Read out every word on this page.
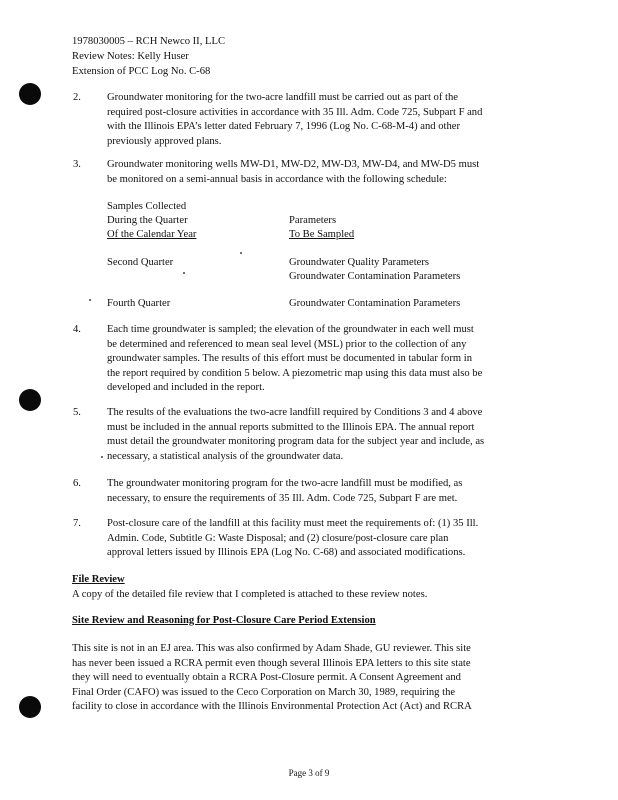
1978030005 – RCH Newco II, LLC
Review Notes: Kelly Huser
Extension of PCC Log No. C-68
2. Groundwater monitoring for the two-acre landfill must be carried out as part of the
required post-closure activities in accordance with 35 Ill. Adm. Code 725, Subpart F and
with the Illinois EPA’s letter dated February 7, 1996 (Log No. C-68-M-4) and other
previously approved plans.
3. Groundwater monitoring wells MW-D1, MW-D2, MW-D3, MW-D4, and MW-D5 must
be monitored on a semi-annual basis in accordance with the following schedule:
Samples Collected
During the Quarter
Of the Calendar Year
Parameters
To Be Sampled
Second Quarter	Groundwater Quality Parameters
Groundwater Contamination Parameters
Fourth Quarter	Groundwater Contamination Parameters
4. Each time groundwater is sampled; the elevation of the groundwater in each well must
be determined and referenced to mean seal level (MSL) prior to the collection of any
groundwater samples. The results of this effort must be documented in tabular form in
the report required by condition 5 below. A piezometric map using this data must also be
developed and included in the report.
5. The results of the evaluations the two-acre landfill required by Conditions 3 and 4 above
must be included in the annual reports submitted to the Illinois EPA. The annual report
must detail the groundwater monitoring program data for the subject year and include, as
necessary, a statistical analysis of the groundwater data.
6. The groundwater monitoring program for the two-acre landfill must be modified, as
necessary, to ensure the requirements of 35 Ill. Adm. Code 725, Subpart F are met.
7. Post-closure care of the landfill at this facility must meet the requirements of: (1) 35 Ill.
Admin. Code, Subtitle G: Waste Disposal; and (2) closure/post-closure care plan
approval letters issued by Illinois EPA (Log No. C-68) and associated modifications.
File Review
A copy of the detailed file review that I completed is attached to these review notes.
Site Review and Reasoning for Post-Closure Care Period Extension
This site is not in an EJ area. This was also confirmed by Adam Shade, GU reviewer. This site
has never been issued a RCRA permit even though several Illinois EPA letters to this site state
they will need to eventually obtain a RCRA Post-Closure permit. A Consent Agreement and
Final Order (CAFO) was issued to the Ceco Corporation on March 30, 1989, requiring the
facility to close in accordance with the Illinois Environmental Protection Act (Act) and RCRA
Page 3 of 9
